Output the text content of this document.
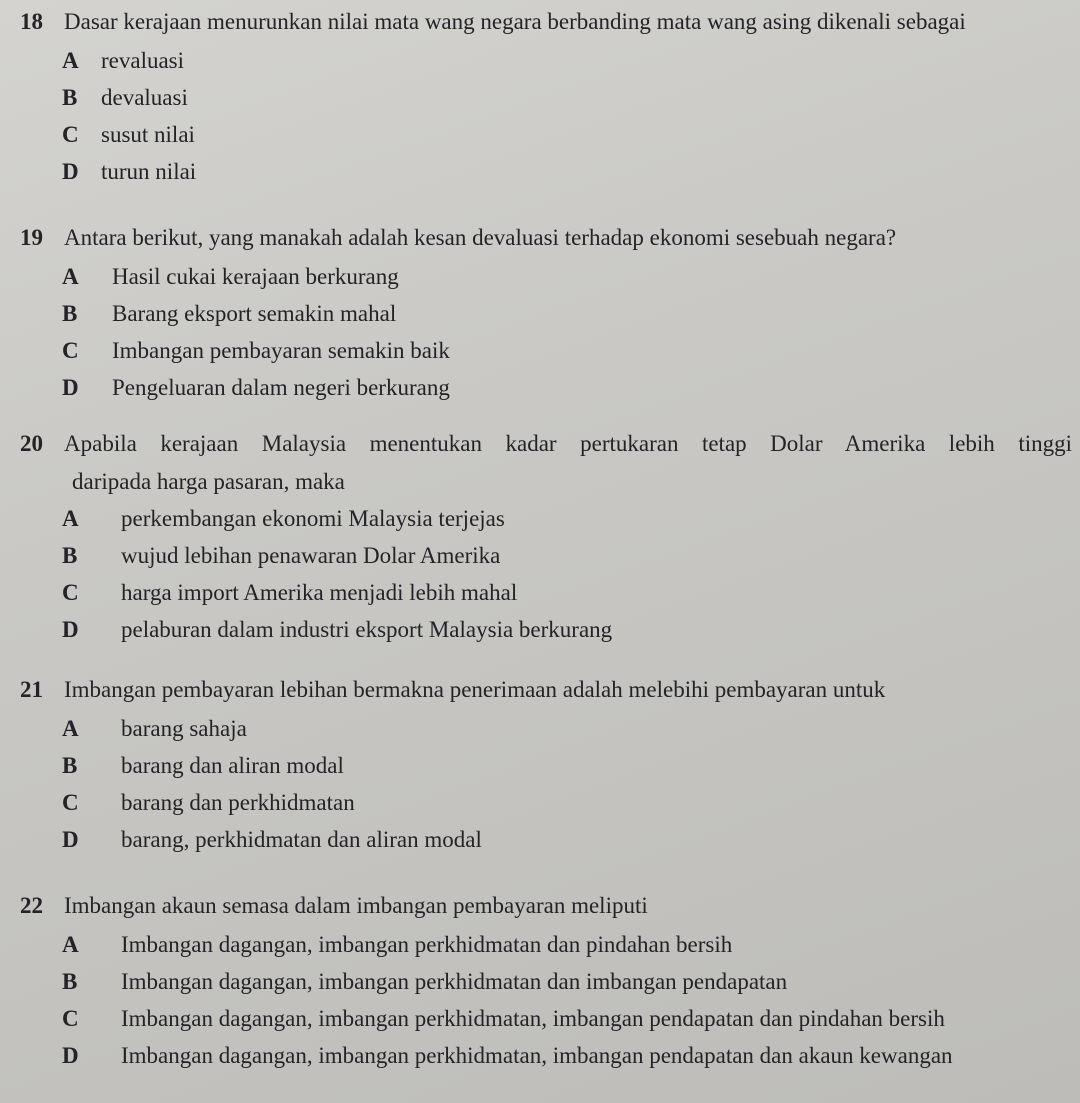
18 Dasar kerajaan menurunkan nilai mata wang negara berbanding mata wang asing dikenali sebagai
A revaluasi
B devaluasi
C susut nilai
D turun nilai
19 Antara berikut, yang manakah adalah kesan devaluasi terhadap ekonomi sesebuah negara?
A Hasil cukai kerajaan berkurang
B Barang eksport semakin mahal
C Imbangan pembayaran semakin baik
D Pengeluaran dalam negeri berkurang
20 Apabila kerajaan Malaysia menentukan kadar pertukaran tetap Dolar Amerika lebih tinggi
daripada harga pasaran, maka
A perkembangan ekonomi Malaysia terjejas
B wujud lebihan penawaran Dolar Amerika
C harga import Amerika menjadi lebih mahal
D pelaburan dalam industri eksport Malaysia berkurang
21 Imbangan pembayaran lebihan bermakna penerimaan adalah melebihi pembayaran untuk
A barang sahaja
B barang dan aliran modal
C barang dan perkhidmatan
D barang, perkhidmatan dan aliran modal
22 Imbangan akaun semasa dalam imbangan pembayaran meliputi
A Imbangan dagangan, imbangan perkhidmatan dan pindahan bersih
B Imbangan dagangan, imbangan perkhidmatan dan imbangan pendapatan
C Imbangan dagangan, imbangan perkhidmatan, imbangan pendapatan dan pindahan bersih
D Imbangan dagangan, imbangan perkhidmatan, imbangan pendapatan dan akaun kewangan
